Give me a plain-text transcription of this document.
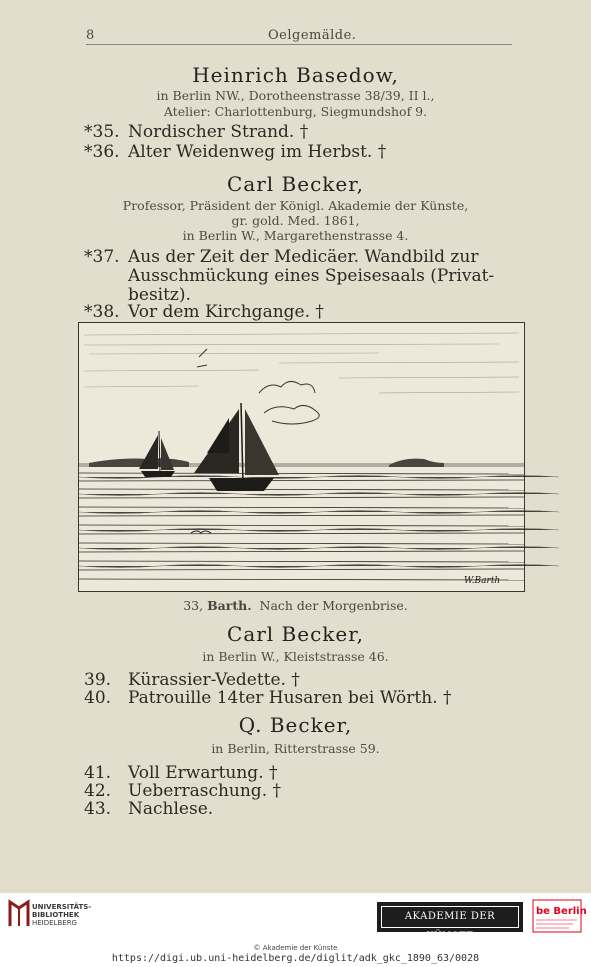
8	Oelgemälde.
Heinrich Basedow,
in Berlin NW., Dorotheenstrasse 38/39, II l.,
Atelier: Charlottenburg, Siegmundshof 9.
*35. Nordischer Strand. †
*36. Alter Weidenweg im Herbst. †
Carl Becker,
Professor, Präsident der Königl. Akademie der Künste,
gr. gold. Med. 1861,
in Berlin W., Margarethenstrasse 4.
*37. Aus der Zeit der Medicäer. Wandbild zur
Ausschmückung eines Speisesaals (Privat-
besitz).
*38. Vor dem Kirchgange. †
W.Barth
33, Barth. Nach der Morgenbrise.
Carl Becker,
in Berlin W., Kleiststrasse 46.
39. Kürassier-Vedette. †
40. Patrouille 14ter Husaren bei Wörth. †
Q. Becker,
in Berlin, Ritterstrasse 59.
41. Voll Erwartung. †
42. Ueberraschung. †
43. Nachlese.
UNIVERSITÄTS-
BIBLIOTHEK
HEIDELBERG
AKADEMIE DER KÜNSTE
be Berlin
© Akademie der Künste
https://digi.ub.uni-heidelberg.de/diglit/adk_gkc_1890_63/0028
